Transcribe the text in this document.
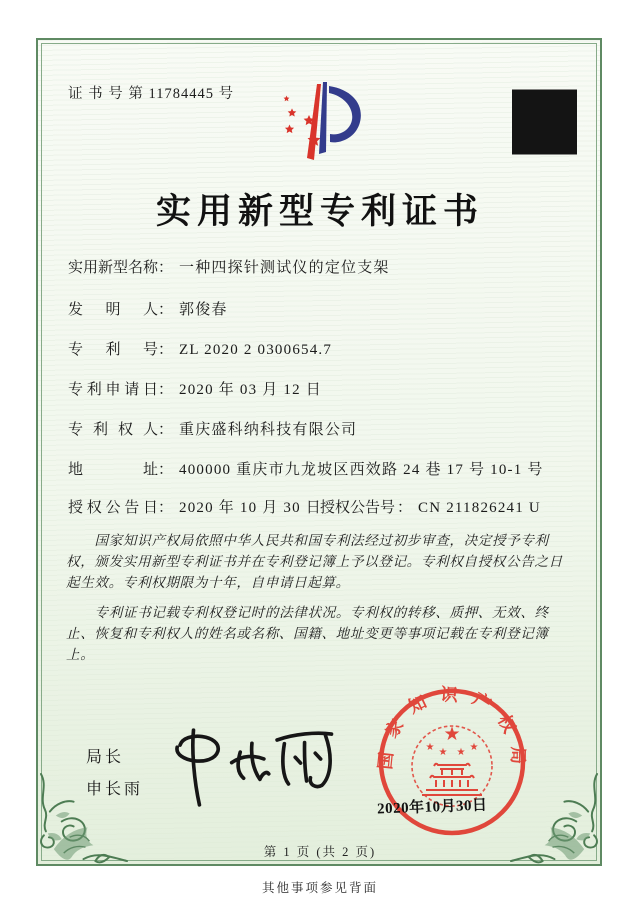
证 书 号 第 11784445 号
实用新型专利证书
实用新型名称： 一种四探针测试仪的定位支架
发明人： 郭俊春
专利号： ZL 2020 2 0300654.7
专利申请日： 2020 年 03 月 12 日
专利权人： 重庆盛科纳科技有限公司
地址： 400000 重庆市九龙坡区西效路 24 巷 17 号 10-1 号
授权公告日： 2020 年 10 月 30 日
授权公告号 ： CN 211826241 U

国家知识产权局依照中华人民共和国专利法经过初步审查，决定授予专利权，颁发实用新型专利证书并在专利登记簿上予以登记。专利权自授权公告之日起生效。专利权期限为十年，自申请日起算。

专利证书记载专利权登记时的法律状况。专利权的转移、质押、无效、终止、恢复和专利权人的姓名或名称、国籍、地址变更等事项记载在专利登记簿上。

局长
申长雨
国家知识产权局
★
★ ★ ★ ★
2020年10月30日
第 1 页 (共 2 页)
其他事项参见背面
